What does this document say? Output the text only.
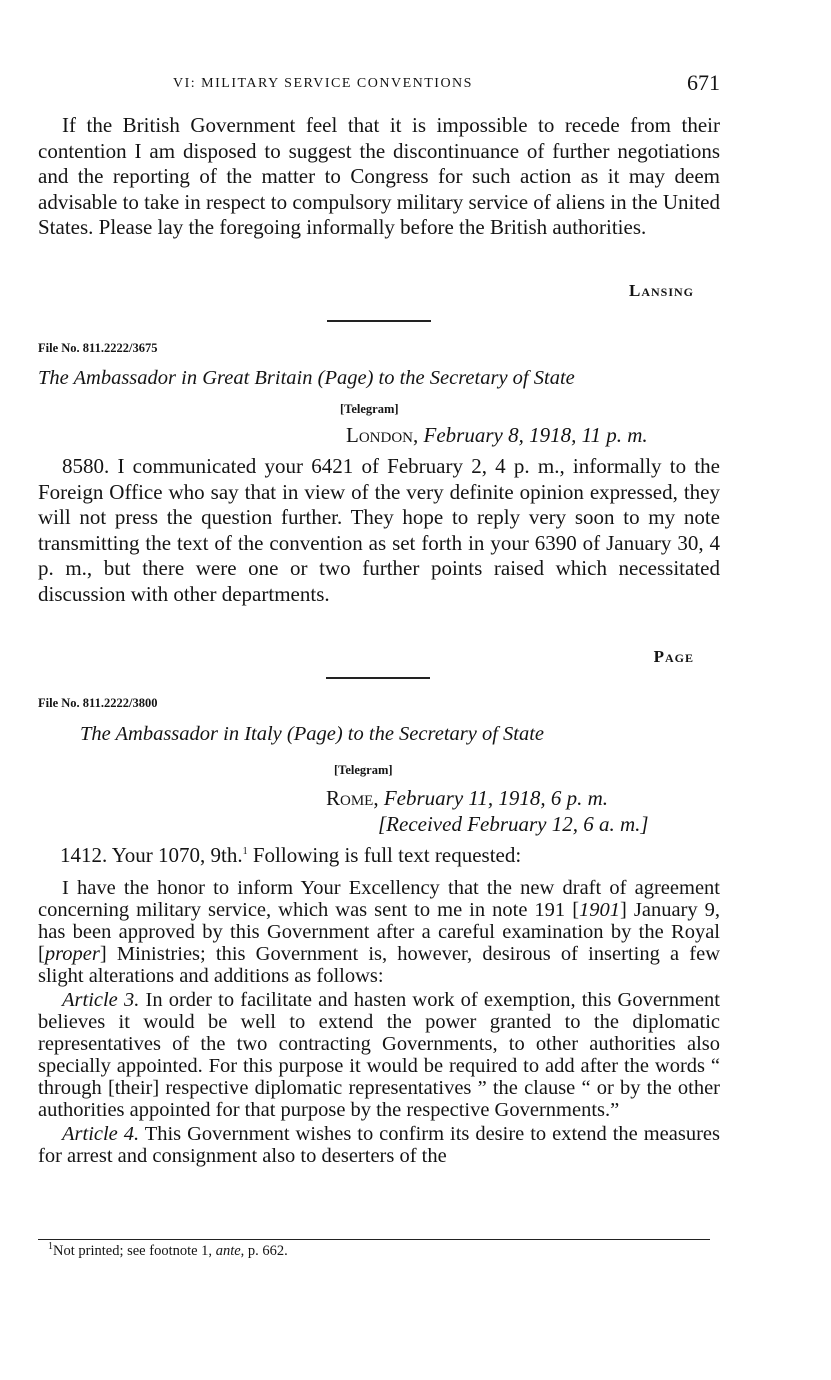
VI: MILITARY SERVICE CONVENTIONS	671

If the British Government feel that it is impossible to recede from their contention I am disposed to suggest the discontinuance of further negotiations and the reporting of the matter to Congress for such action as it may deem advisable to take in respect to compulsory military service of aliens in the United States. Please lay the foregoing informally before the British authorities.

Lansing
File No. 811.2222/3675
The Ambassador in Great Britain (Page) to the Secretary of State
[Telegram]
London, February 8, 1918, 11 p. m.

8580. I communicated your 6421 of February 2, 4 p. m., informally to the Foreign Office who say that in view of the very definite opinion expressed, they will not press the question further. They hope to reply very soon to my note transmitting the text of the convention as set forth in your 6390 of January 30, 4 p. m., but there were one or two further points raised which necessitated discussion with other departments.

Page
File No. 811.2222/3800
The Ambassador in Italy (Page) to the Secretary of State
[Telegram]
Rome, February 11, 1918, 6 p. m.
[Received February 12, 6 a. m.]

1412. Your 1070, 9th.$^1$ Following is full text requested:

I have the honor to inform Your Excellency that the new draft of agreement concerning military service, which was sent to me in note 191 [1901] January 9, has been approved by this Government after a careful examination by the Royal [proper] Ministries; this Government is, however, desirous of inserting a few slight alterations and additions as follows:

Article 3. In order to facilitate and hasten work of exemption, this Government believes it would be well to extend the power granted to the diplomatic representatives of the two contracting Governments, to other authorities also specially appointed. For this purpose it would be required to add after the words “ through [their] respective diplomatic representatives ” the clause “ or by the other authorities appointed for that purpose by the respective Governments.”

Article 4. This Government wishes to confirm its desire to extend the measures for arrest and consignment also to deserters of the

$^1$Not printed; see footnote 1, ante, p. 662.
